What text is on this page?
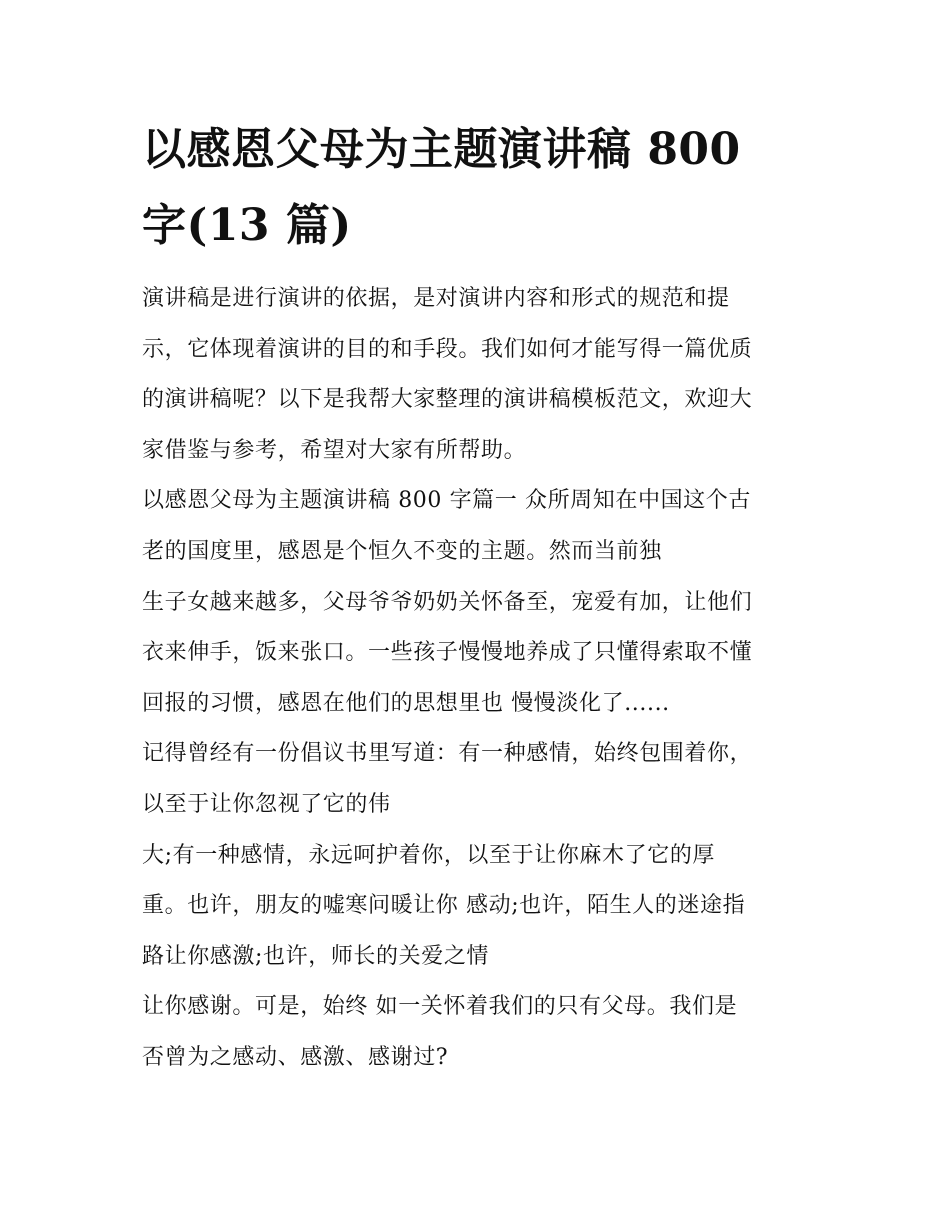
以感恩父母为主题演讲稿 800
字(13 篇)
演讲稿是进行演讲的依据，是对演讲内容和形式的规范和提
示，它体现着演讲的目的和手段。我们如何才能写得一篇优质
的演讲稿呢？以下是我帮大家整理的演讲稿模板范文，欢迎大
家借鉴与参考，希望对大家有所帮助。
以感恩父母为主题演讲稿 800 字篇一 众所周知在中国这个古
老的国度里，感恩是个恒久不变的主题。然而当前独
生子女越来越多，父母爷爷奶奶关怀备至，宠爱有加，让他们
衣来伸手，饭来张口。一些孩子慢慢地养成了只懂得索取不懂
回报的习惯，感恩在他们的思想里也 慢慢淡化了......
记得曾经有一份倡议书里写道：有一种感情，始终包围着你，
以至于让你忽视了它的伟
大;有一种感情，永远呵护着你，以至于让你麻木了它的厚
重。也许，朋友的嘘寒问暖让你 感动;也许，陌生人的迷途指
路让你感激;也许，师长的关爱之情
让你感谢。可是，始终 如一关怀着我们的只有父母。我们是
否曾为之感动、感激、感谢过?
